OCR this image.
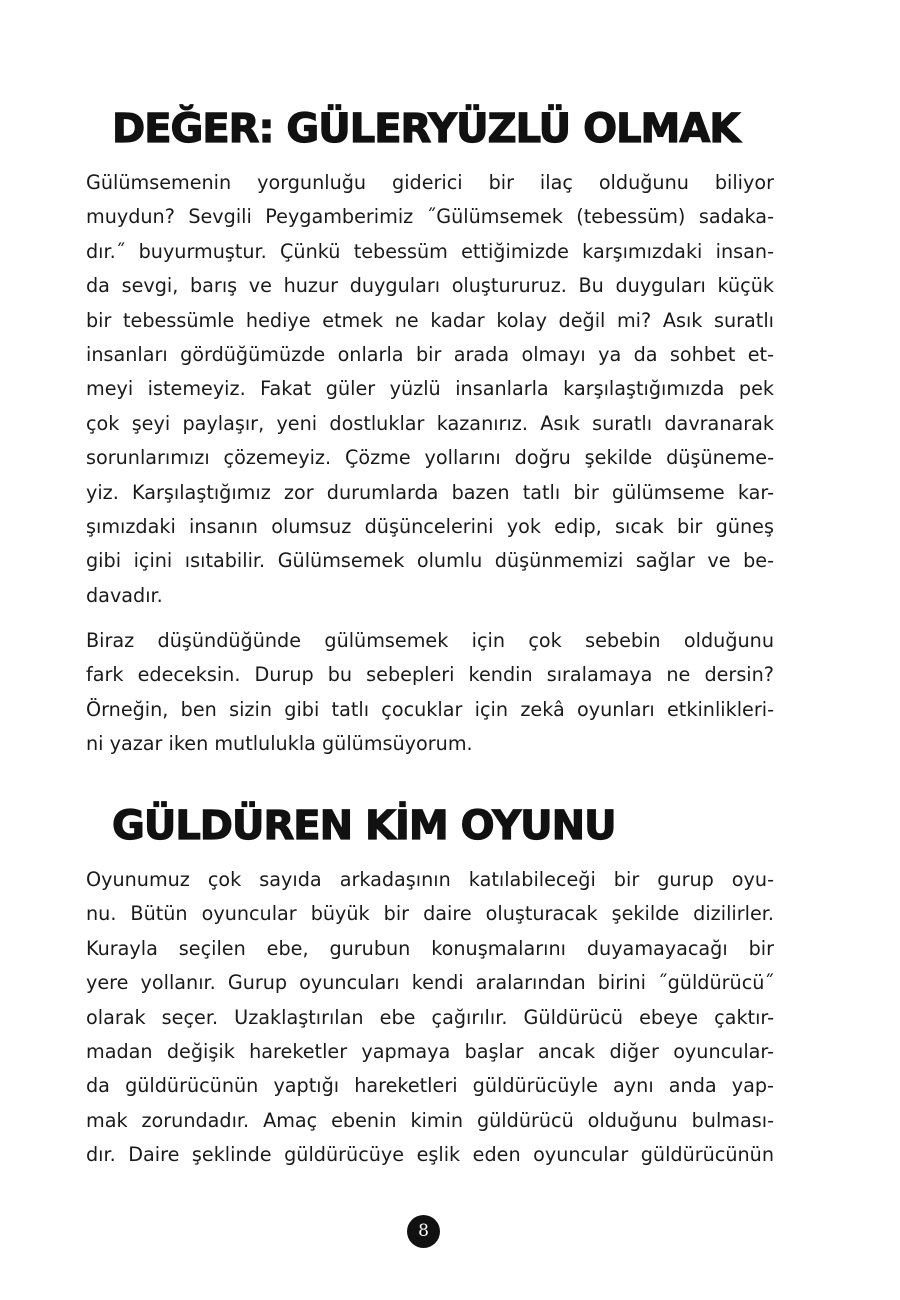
DEĞER: GÜLERYÜZLÜ OLMAK
Gülümsemenin yorgunluğu giderici bir ilaç olduğunu biliyor
muydun? Sevgili Peygamberimiz ˝Gülümsemek (tebessüm) sadaka-
dır.˝ buyurmuştur. Çünkü tebessüm ettiğimizde karşımızdaki insan-
da sevgi, barış ve huzur duyguları oluştururuz. Bu duyguları küçük
bir tebessümle hediye etmek ne kadar kolay değil mi? Asık suratlı
insanları gördüğümüzde onlarla bir arada olmayı ya da sohbet et-
meyi istemeyiz. Fakat güler yüzlü insanlarla karşılaştığımızda pek
çok şeyi paylaşır, yeni dostluklar kazanırız. Asık suratlı davranarak
sorunlarımızı çözemeyiz. Çözme yollarını doğru şekilde düşüneme-
yiz. Karşılaştığımız zor durumlarda bazen tatlı bir gülümseme kar-
şımızdaki insanın olumsuz düşüncelerini yok edip, sıcak bir güneş
gibi içini ısıtabilir. Gülümsemek olumlu düşünmemizi sağlar ve be-
davadır.
Biraz düşündüğünde gülümsemek için çok sebebin olduğunu
fark edeceksin. Durup bu sebepleri kendin sıralamaya ne dersin?
Örneğin, ben sizin gibi tatlı çocuklar için zekâ oyunları etkinlikleri-
ni yazar iken mutlulukla gülümsüyorum.
GÜLDÜREN KİM OYUNU
Oyunumuz çok sayıda arkadaşının katılabileceği bir gurup oyu-
nu. Bütün oyuncular büyük bir daire oluşturacak şekilde dizilirler.
Kurayla seçilen ebe, gurubun konuşmalarını duyamayacağı bir
yere yollanır. Gurup oyuncuları kendi aralarından birini ˝güldürücü˝
olarak seçer. Uzaklaştırılan ebe çağırılır. Güldürücü ebeye çaktır-
madan değişik hareketler yapmaya başlar ancak diğer oyuncular-
da güldürücünün yaptığı hareketleri güldürücüyle aynı anda yap-
mak zorundadır. Amaç ebenin kimin güldürücü olduğunu bulması-
dır. Daire şeklinde güldürücüye eşlik eden oyuncular güldürücünün
8
